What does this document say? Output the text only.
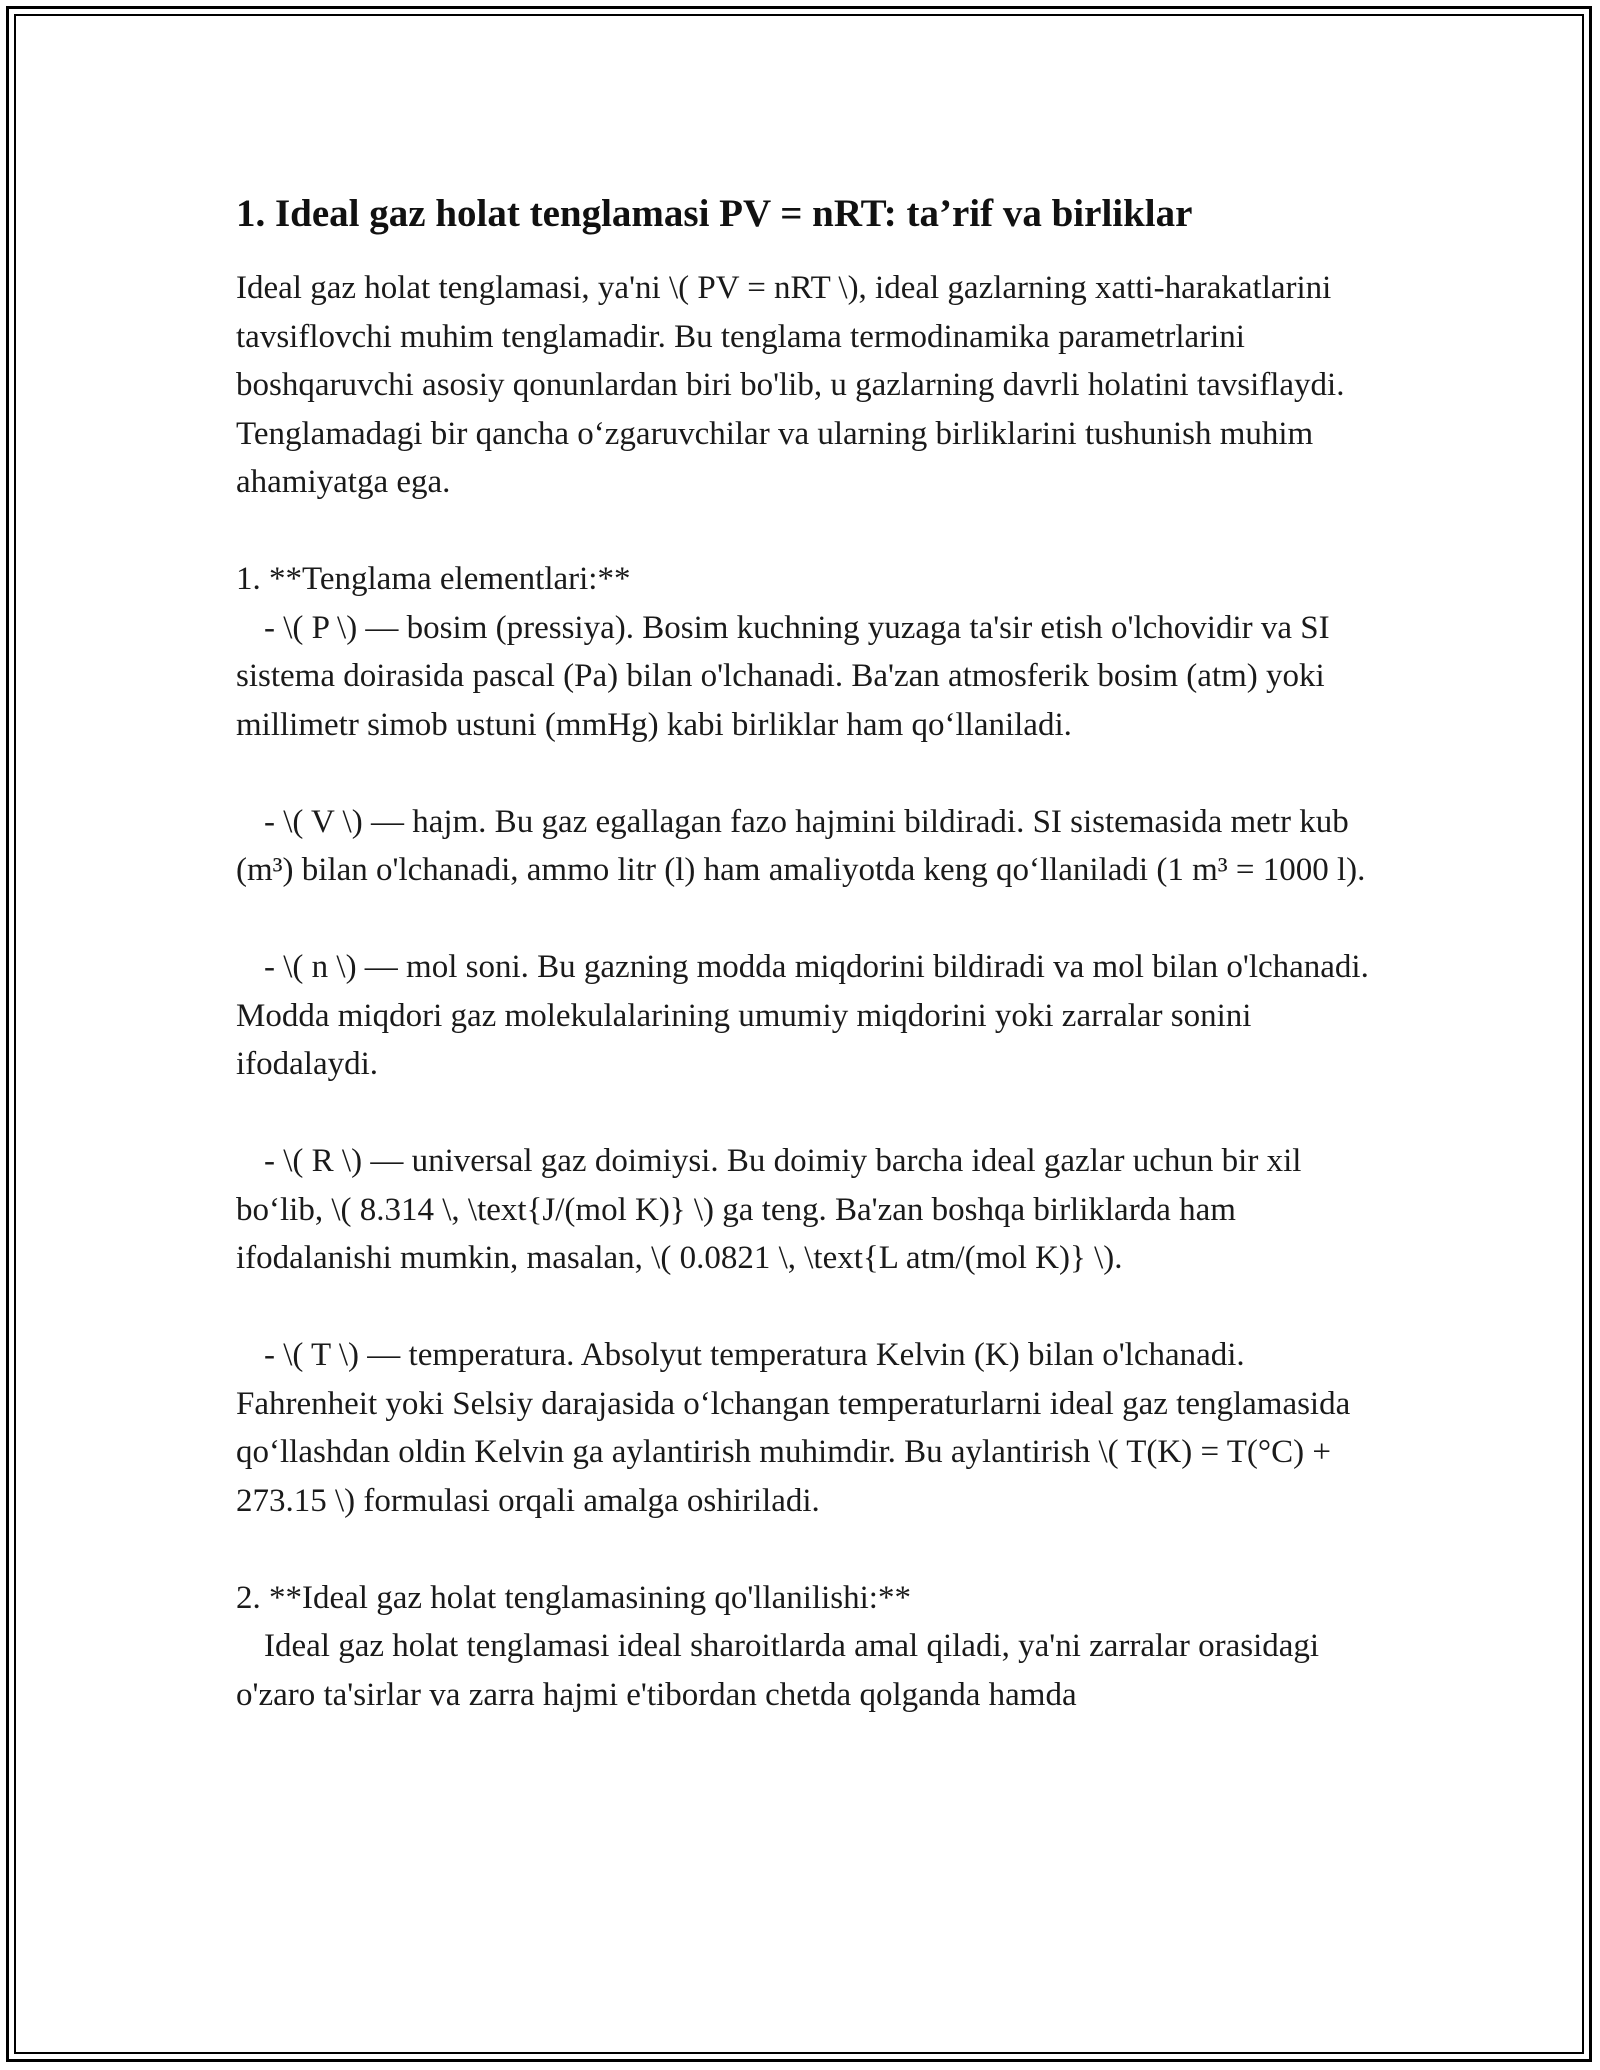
1. Ideal gaz holat tenglamasi PV = nRT: ta’rif va birliklar

Ideal gaz holat tenglamasi, ya'ni \( PV = nRT \), ideal gazlarning xatti-harakatlarini tavsiflovchi muhim tenglamadir. Bu tenglama termodinamika parametrlarini boshqaruvchi asosiy qonunlardan biri bo'lib, u gazlarning davrli holatini tavsiflaydi. Tenglamadagi bir qancha o‘zgaruvchilar va ularning birliklarini tushunish muhim ahamiyatga ega.

1. **Tenglama elementlari:**

- \( P \) — bosim (pressiya). Bosim kuchning yuzaga ta'sir etish o'lchovidir va SI sistema doirasida pascal (Pa) bilan o'lchanadi. Ba'zan atmosferik bosim (atm) yoki millimetr simob ustuni (mmHg) kabi birliklar ham qo‘llaniladi.

- \( V \) — hajm. Bu gaz egallagan fazo hajmini bildiradi. SI sistemasida metr kub (m³) bilan o'lchanadi, ammo litr (l) ham amaliyotda keng qo‘llaniladi (1 m³ = 1000 l).

- \( n \) — mol soni. Bu gazning modda miqdorini bildiradi va mol bilan o'lchanadi. Modda miqdori gaz molekulalarining umumiy miqdorini yoki zarralar sonini ifodalaydi.

- \( R \) — universal gaz doimiysi. Bu doimiy barcha ideal gazlar uchun bir xil bo‘lib, \( 8.314 \, \text{J/(mol K)} \) ga teng. Ba'zan boshqa birliklarda ham ifodalanishi mumkin, masalan, \( 0.0821 \, \text{L atm/(mol K)} \).

- \( T \) — temperatura. Absolyut temperatura Kelvin (K) bilan o'lchanadi. Fahrenheit yoki Selsiy darajasida o‘lchangan temperaturlarni ideal gaz tenglamasida qo‘llashdan oldin Kelvin ga aylantirish muhimdir. Bu aylantirish \( T(K) = T(°C) + 273.15 \) formulasi orqali amalga oshiriladi.

2. **Ideal gaz holat tenglamasining qo'llanilishi:**

Ideal gaz holat tenglamasi ideal sharoitlarda amal qiladi, ya'ni zarralar orasidagi o'zaro ta'sirlar va zarra hajmi e'tibordan chetda qolganda hamda
